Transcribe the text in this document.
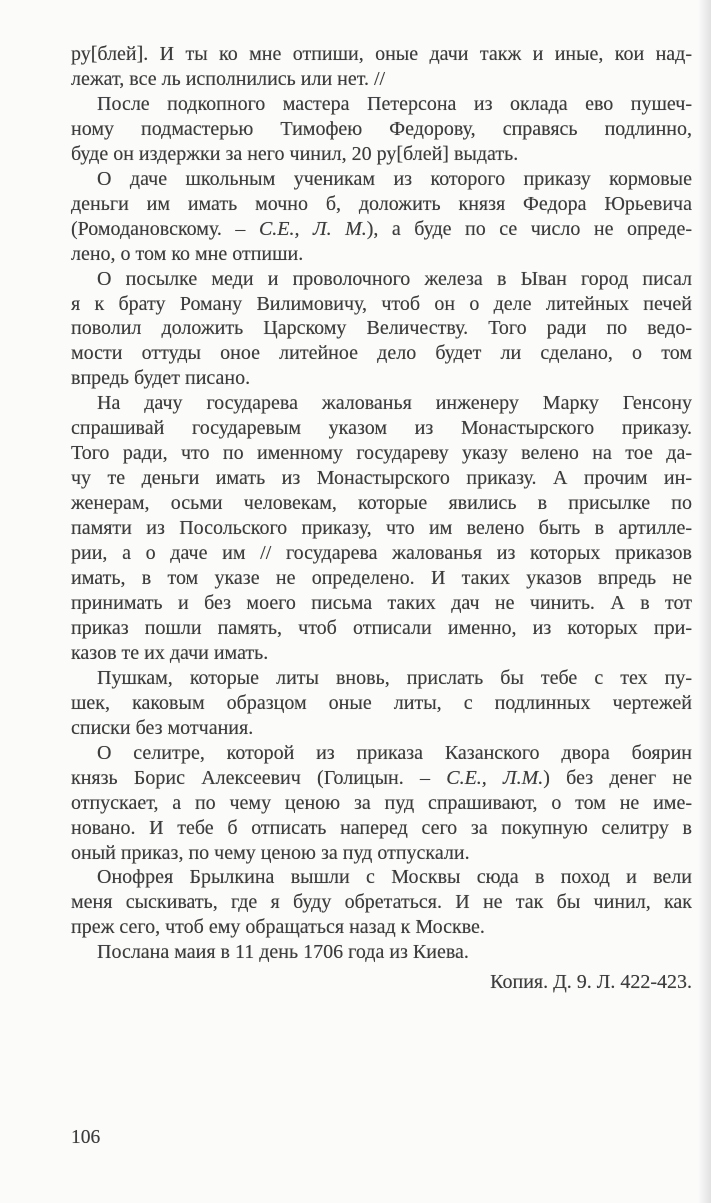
ру[блей]. И ты ко мне отпиши, оные дачи такж и иные, кои над-
лежат, все ль исполнились или нет. //
После подкопного мастера Петерсона из оклада ево пушеч-
ному подмастерью Тимофею Федорову, справясь подлинно,
буде он издержки за него чинил, 20 ру[блей] выдать.
О даче школьным ученикам из которого приказу кормовые
деньги им имать мочно б, доложить князя Федора Юрьевича
(Ромодановскому. – С.Е., Л. М.), а буде по се число не опреде-
лено, о том ко мне отпиши.
О посылке меди и проволочного железа в Ыван город писал
я к брату Роману Вилимовичу, чтоб он о деле литейных печей
поволил доложить Царскому Величеству. Того ради по ведо-
мости оттуды оное литейное дело будет ли сделано, о том
впредь будет писано.
На дачу государева жалованья инженеру Марку Генсону
спрашивай государевым указом из Монастырского приказу.
Того ради, что по именному государеву указу велено на тое да-
чу те деньги имать из Монастырского приказу. А прочим ин-
женерам, осьми человекам, которые явились в присылке по
памяти из Посольского приказу, что им велено быть в артилле-
рии, а о даче им // государева жалованья из которых приказов
имать, в том указе не определено. И таких указов впредь не
принимать и без моего письма таких дач не чинить. А в тот
приказ пошли память, чтоб отписали именно, из которых при-
казов те их дачи имать.
Пушкам, которые литы вновь, прислать бы тебе с тех пу-
шек, каковым образцом оные литы, с подлинных чертежей
списки без мотчания.
О селитре, которой из приказа Казанского двора боярин
князь Борис Алексеевич (Голицын. – С.Е., Л.М.) без денег не
отпускает, а по чему ценою за пуд спрашивают, о том не име-
новано. И тебе б отписать наперед сего за покупную селитру в
оный приказ, по чему ценою за пуд отпускали.
Онофрея Брылкина вышли с Москвы сюда в поход и вели
меня сыскивать, где я буду обретаться. И не так бы чинил, как
преж сего, чтоб ему обращаться назад к Москве.
Послана маия в 11 день 1706 года из Киева.
Копия. Д. 9. Л. 422-423.
106
